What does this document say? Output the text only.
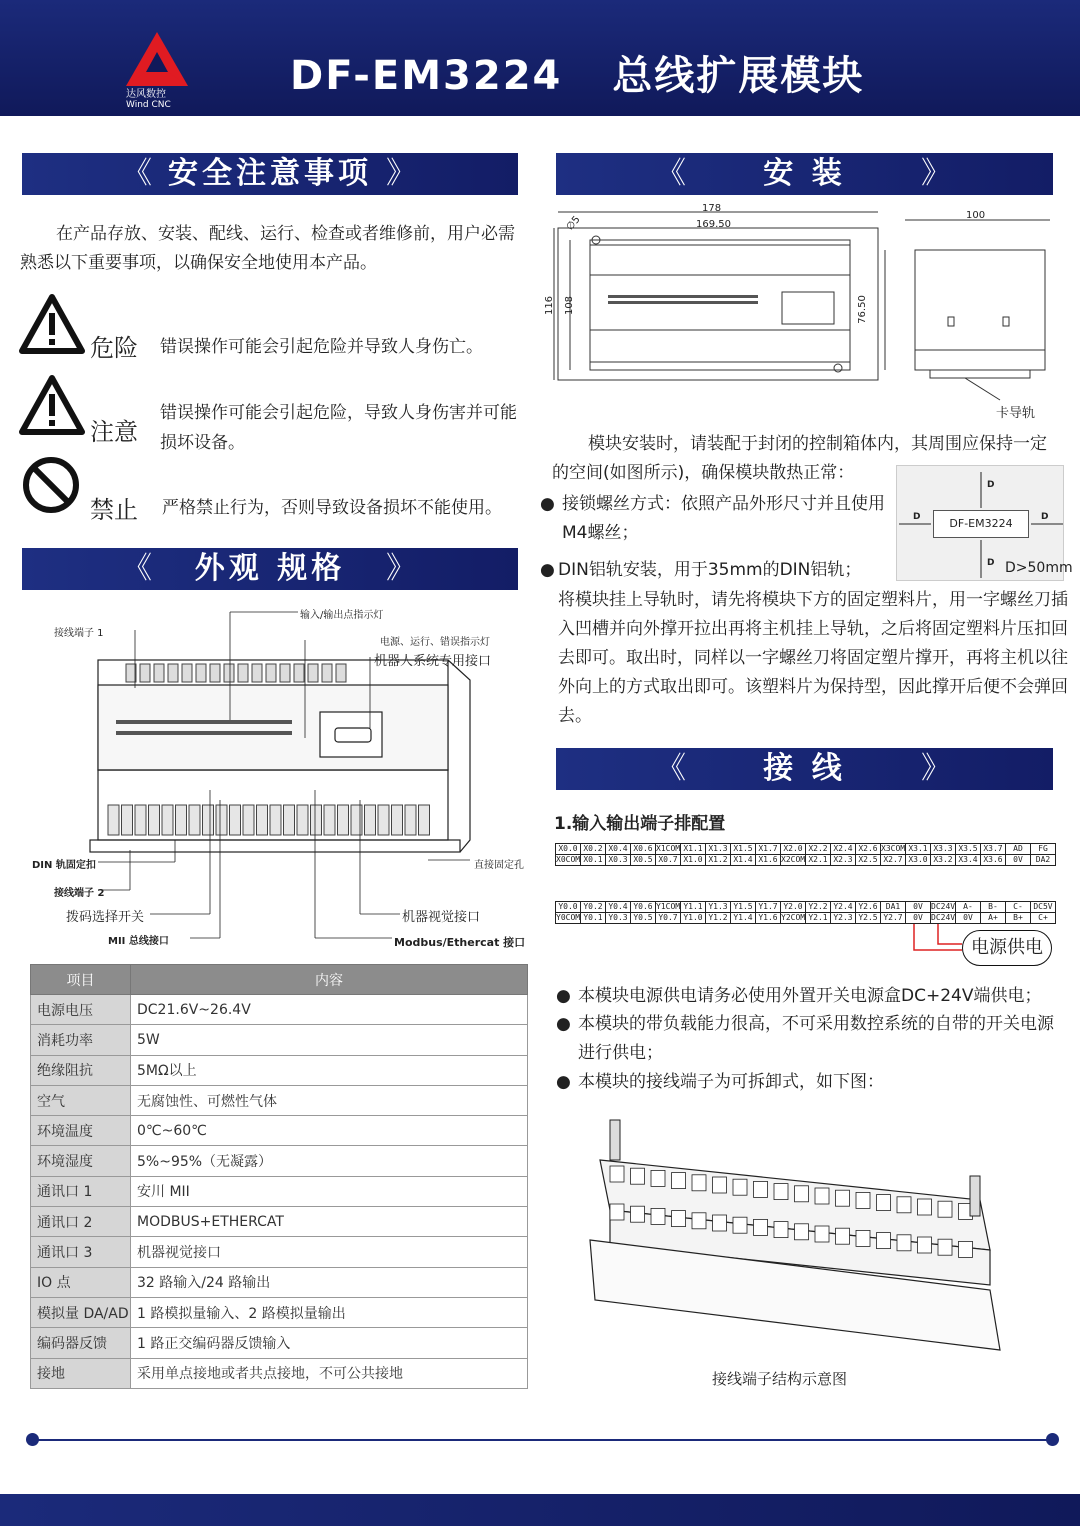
达风数控
Wind CNC
DF-EM3224 总线扩展模块
《 安全注意事项 》
在产品存放、安装、配线、运行、检查或者维修前，用户必需熟悉以下重要事项，以确保安全地使用本产品。
危险 错误操作可能会引起危险并导致人身伤亡。
注意
错误操作可能会引起危险，导致人身伤害并可能损坏设备。
禁止 严格禁止行为，否则导致设备损坏不能使用。
《 外观 规格 》
接线端子 1
输入/输出点指示灯
电源、运行、错误指示灯
机器人系统专用接口
DIN 轨固定扣
接线端子 2
直接固定孔
拨码选择开关	机器视觉接口
MII 总线接口	Modbus/Ethercat 接口
项目	内容
电源电压	DC21.6V~26.4V
消耗功率	5W
绝缘阻抗	5MΩ以上
空气	无腐蚀性、可燃性气体
环境温度	0℃~60℃
环境湿度	5%~95%（无凝露）
通讯口 1	安川 MII
通讯口 2	MODBUS+ETHERCAT
通讯口 3	机器视觉接口
IO 点	32 路输入/24 路输出
模拟量 DA/AD	1 路模拟量输入、2 路模拟量输出
编码器反馈	1 路正交编码器反馈输入
接地	采用单点接地或者共点接地，不可公共接地
《	安 装	》
178
169.50
∅5
116 108
100
76.50
卡导轨
模块安装时，请装配于封闭的控制箱体内，其周围应保持一定的空间(如图所示)，确保模块散热正常：
DF-EM3224
D
D	D
D D>50mm
● 接锁螺丝方式：依照产品外形尺寸并且使用M4螺丝；
● DIN铝轨安装，用于35mm的DIN铝轨；
将模块挂上导轨时，请先将模块下方的固定塑料片，用一字螺丝刀插入凹槽并向外撑开拉出再将主机挂上导轨，之后将固定塑料片压扣回去即可。取出时，同样以一字螺丝刀将固定塑片撑开，再将主机以往外向上的方式取出即可。该塑料片为保持型，因此撑开后便不会弹回去。
《	接 线	》
1.输入输出端子排配置
X0.0 X0.2 X0.4 X0.6 X1COM X1.1 X1.3 X1.5 X1.7 X2.0 X2.2 X2.4 X2.6 X3COM X3.1 X3.3 X3.5 X3.7	AD	FG
X0COM X0.1 X0.3 X0.5 X0.7 X1.0 X1.2 X1.4 X1.6 X2COM X2.1 X2.3 X2.5 X2.7 X3.0 X3.2 X3.4 X3.6	0V	DA2
Y0.0 Y0.2 Y0.4 Y0.6 Y1COM Y1.1 Y1.3 Y1.5 Y1.7 Y2.0 Y2.2 Y2.4 Y2.6	DA1	0V	DC24V	A-	B-	C-	DC5V
Y0COM Y0.1 Y0.3 Y0.5 Y0.7 Y1.0 Y1.2 Y1.4 Y1.6 Y2COM Y2.1 Y2.3 Y2.5 Y2.7	0V	DC24V	0V	A+	B+	C+
电源供电
● 本模块电源供电请务必使用外置开关电源盒DC+24V端供电；
● 本模块的带负载能力很高，不可采用数控系统的自带的开关电源进行供电；
● 本模块的接线端子为可拆卸式，如下图：
接线端子结构示意图
